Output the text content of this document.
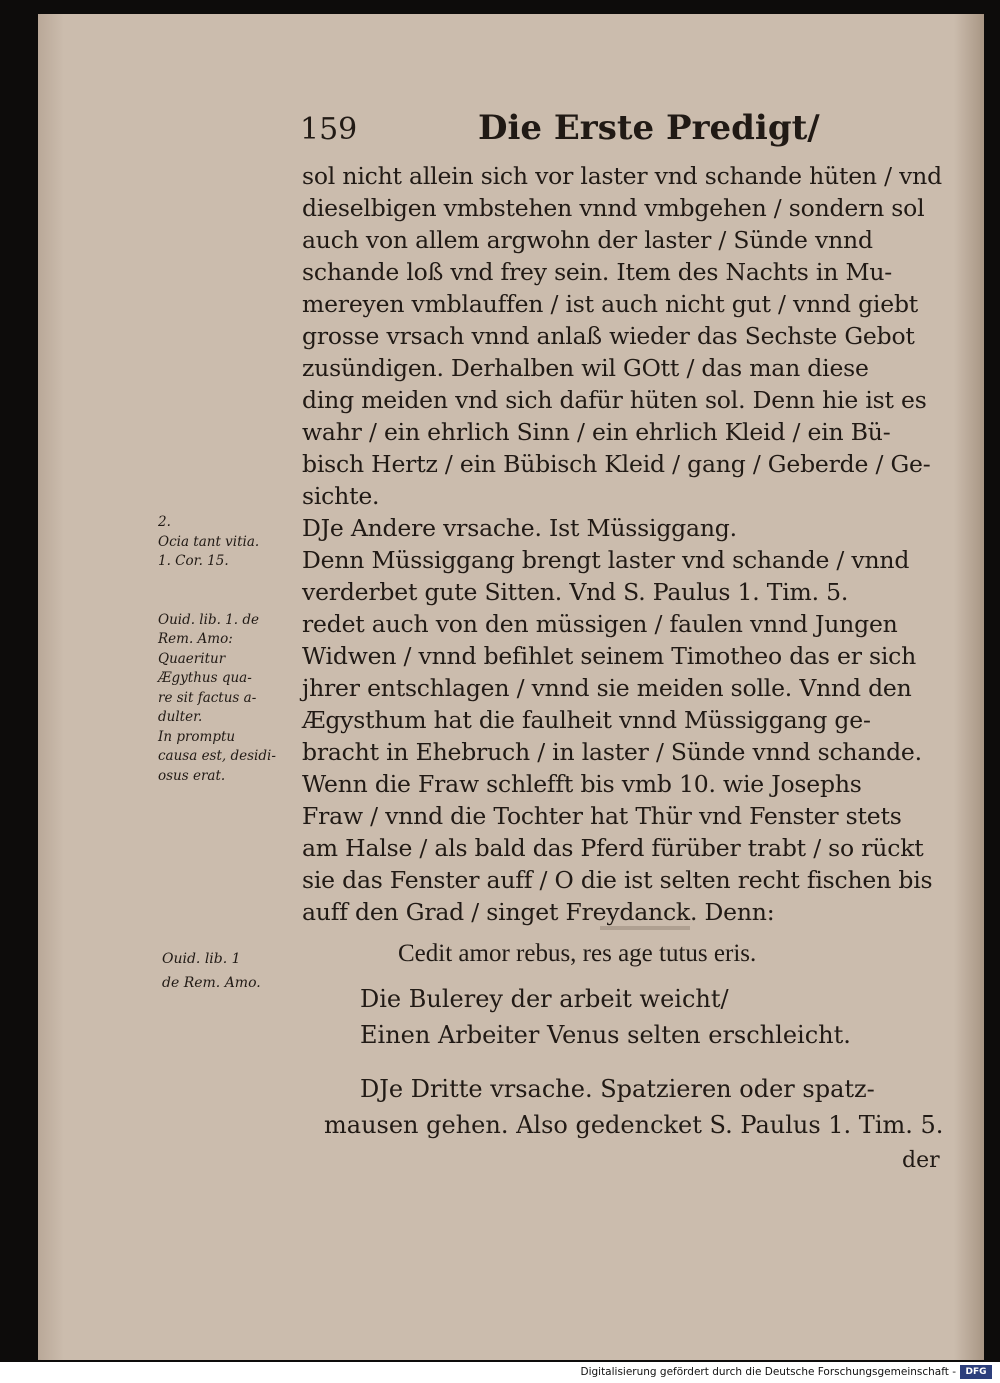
159	Die Erste Predigt/
sol nicht allein sich vor laster vnd schande hüten / vnd
dieselbigen vmbstehen vnnd vmbgehen / sondern sol
auch von allem argwohn der laster / Sünde vnnd
schande loß vnd frey sein. Item des Nachts in Mu-
mereyen vmblauffen / ist auch nicht gut / vnnd giebt
grosse vrsach vnnd anlaß wieder das Sechste Gebot
zusündigen. Derhalben wil GOtt / das man diese
ding meiden vnd sich dafür hüten sol. Denn hie ist es
wahr / ein ehrlich Sinn / ein ehrlich Kleid / ein Bü-
bisch Hertz / ein Bübisch Kleid / gang / Geberde / Ge-
sichte.
DJe Andere vrsache. Ist Müssiggang.
Denn Müssiggang brengt laster vnd schande / vnnd
verderbet gute Sitten. Vnd S. Paulus 1. Tim. 5.
redet auch von den müssigen / faulen vnnd Jungen
Widwen / vnnd befihlet seinem Timotheo das er sich
jhrer entschlagen / vnnd sie meiden solle. Vnnd den
Ægysthum hat die faulheit vnnd Müssiggang ge-
bracht in Ehebruch / in laster / Sünde vnnd schande.
Wenn die Fraw schlefft bis vmb 10. wie Josephs
Fraw / vnnd die Tochter hat Thür vnd Fenster stets
am Halse / als bald das Pferd fürüber trabt / so rückt
sie das Fenster auff / O die ist selten recht fischen bis
auff den Grad / singet Freydanck. Denn:
2.
Ocia tant vitia.
1. Cor. 15.
Ouid. lib. 1. de
Rem. Amo:
Quaeritur
Ægythus qua-
re sit factus a-
dulter.
In promptu
causa est, desidi-
osus erat.
Ouid. lib. 1
de Rem. Amo.
Cedit amor rebus, res age tutus eris.
Die Bulerey der arbeit weicht/
Einen Arbeiter Venus selten erschleicht.
DJe Dritte vrsache. Spatzieren oder spatz-
mausen gehen. Also gedencket S. Paulus 1. Tim. 5.
der
Digitalisierung gefördert durch die Deutsche Forschungsgemeinschaft -	DFG
